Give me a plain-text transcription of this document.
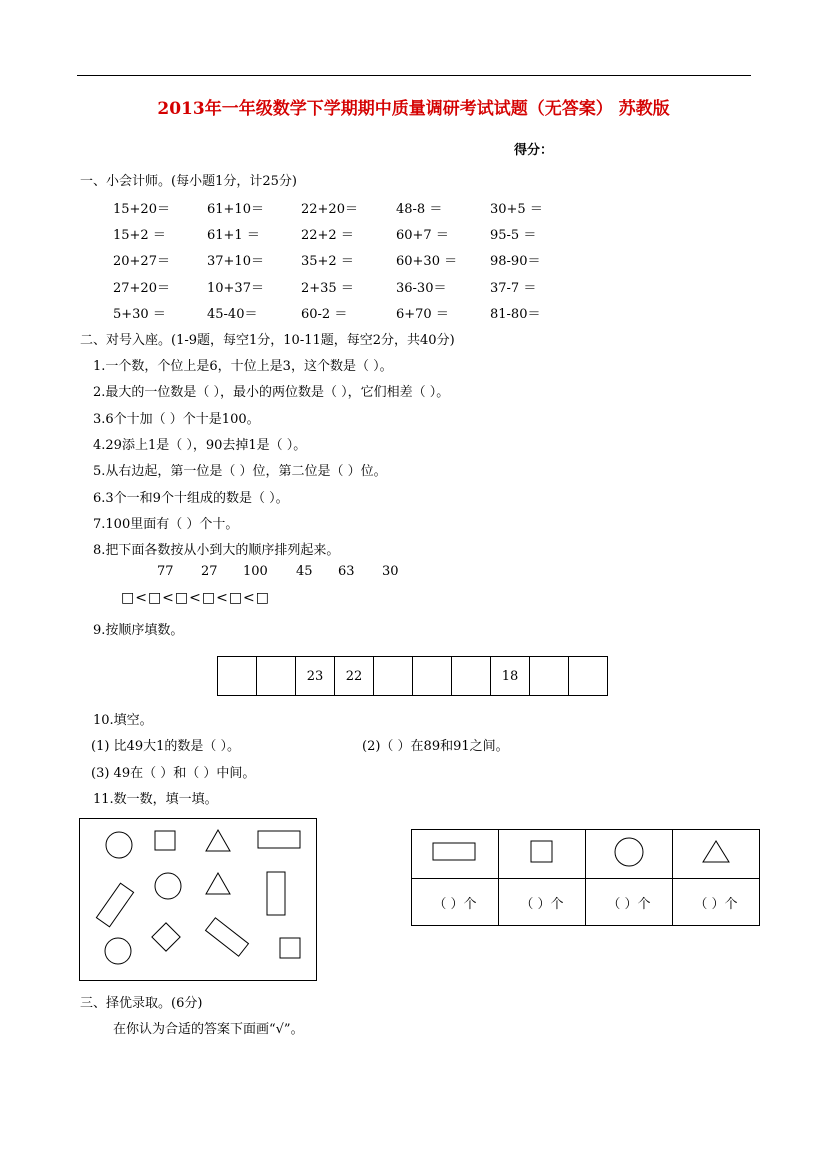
2013年一年级数学下学期期中质量调研考试试题（无答案） 苏教版
得分：
一、小会计师。(每小题1分，计25分)
15+20＝	61+10＝	22+20＝	48-8 ＝	30+5 ＝
15+2 ＝	61+1 ＝	22+2 ＝	60+7 ＝	95-5 ＝
20+27＝	37+10＝	35+2 ＝	60+30 ＝	98-90＝
27+20＝	10+37＝	2+35 ＝	36-30＝	37-7 ＝
5+30 ＝	45-40＝	60-2 ＝	6+70 ＝	81-80＝
二、对号入座。(1-9题，每空1分，10-11题，每空2分，共40分)
1.一个数，个位上是6，十位上是3，这个数是（ ）。
2.最大的一位数是（ ），最小的两位数是（ ），它们相差（ ）。
3.6个十加（ ）个十是100。
4.29添上1是（ ），90去掉1是（ ）。
5.从右边起，第一位是（ ）位，第二位是（ ）位。
6.3个一和9个十组成的数是（ ）。
7.100里面有（ ）个十。
8.把下面各数按从小到大的顺序排列起来。
77 27 100 45 63 30
□<□<□<□<□<□
9.按顺序填数。
		23	22				18		
10.填空。
(1) 比49大1的数是（ ）。	(2)（ ）在89和91之间。
(3) 49在（ ）和（ ）中间。
11.数一数，填一填。

（ ）个	（ ）个	（ ）个	（ ）个
三、择优录取。(6分)
在你认为合适的答案下面画“√”。
